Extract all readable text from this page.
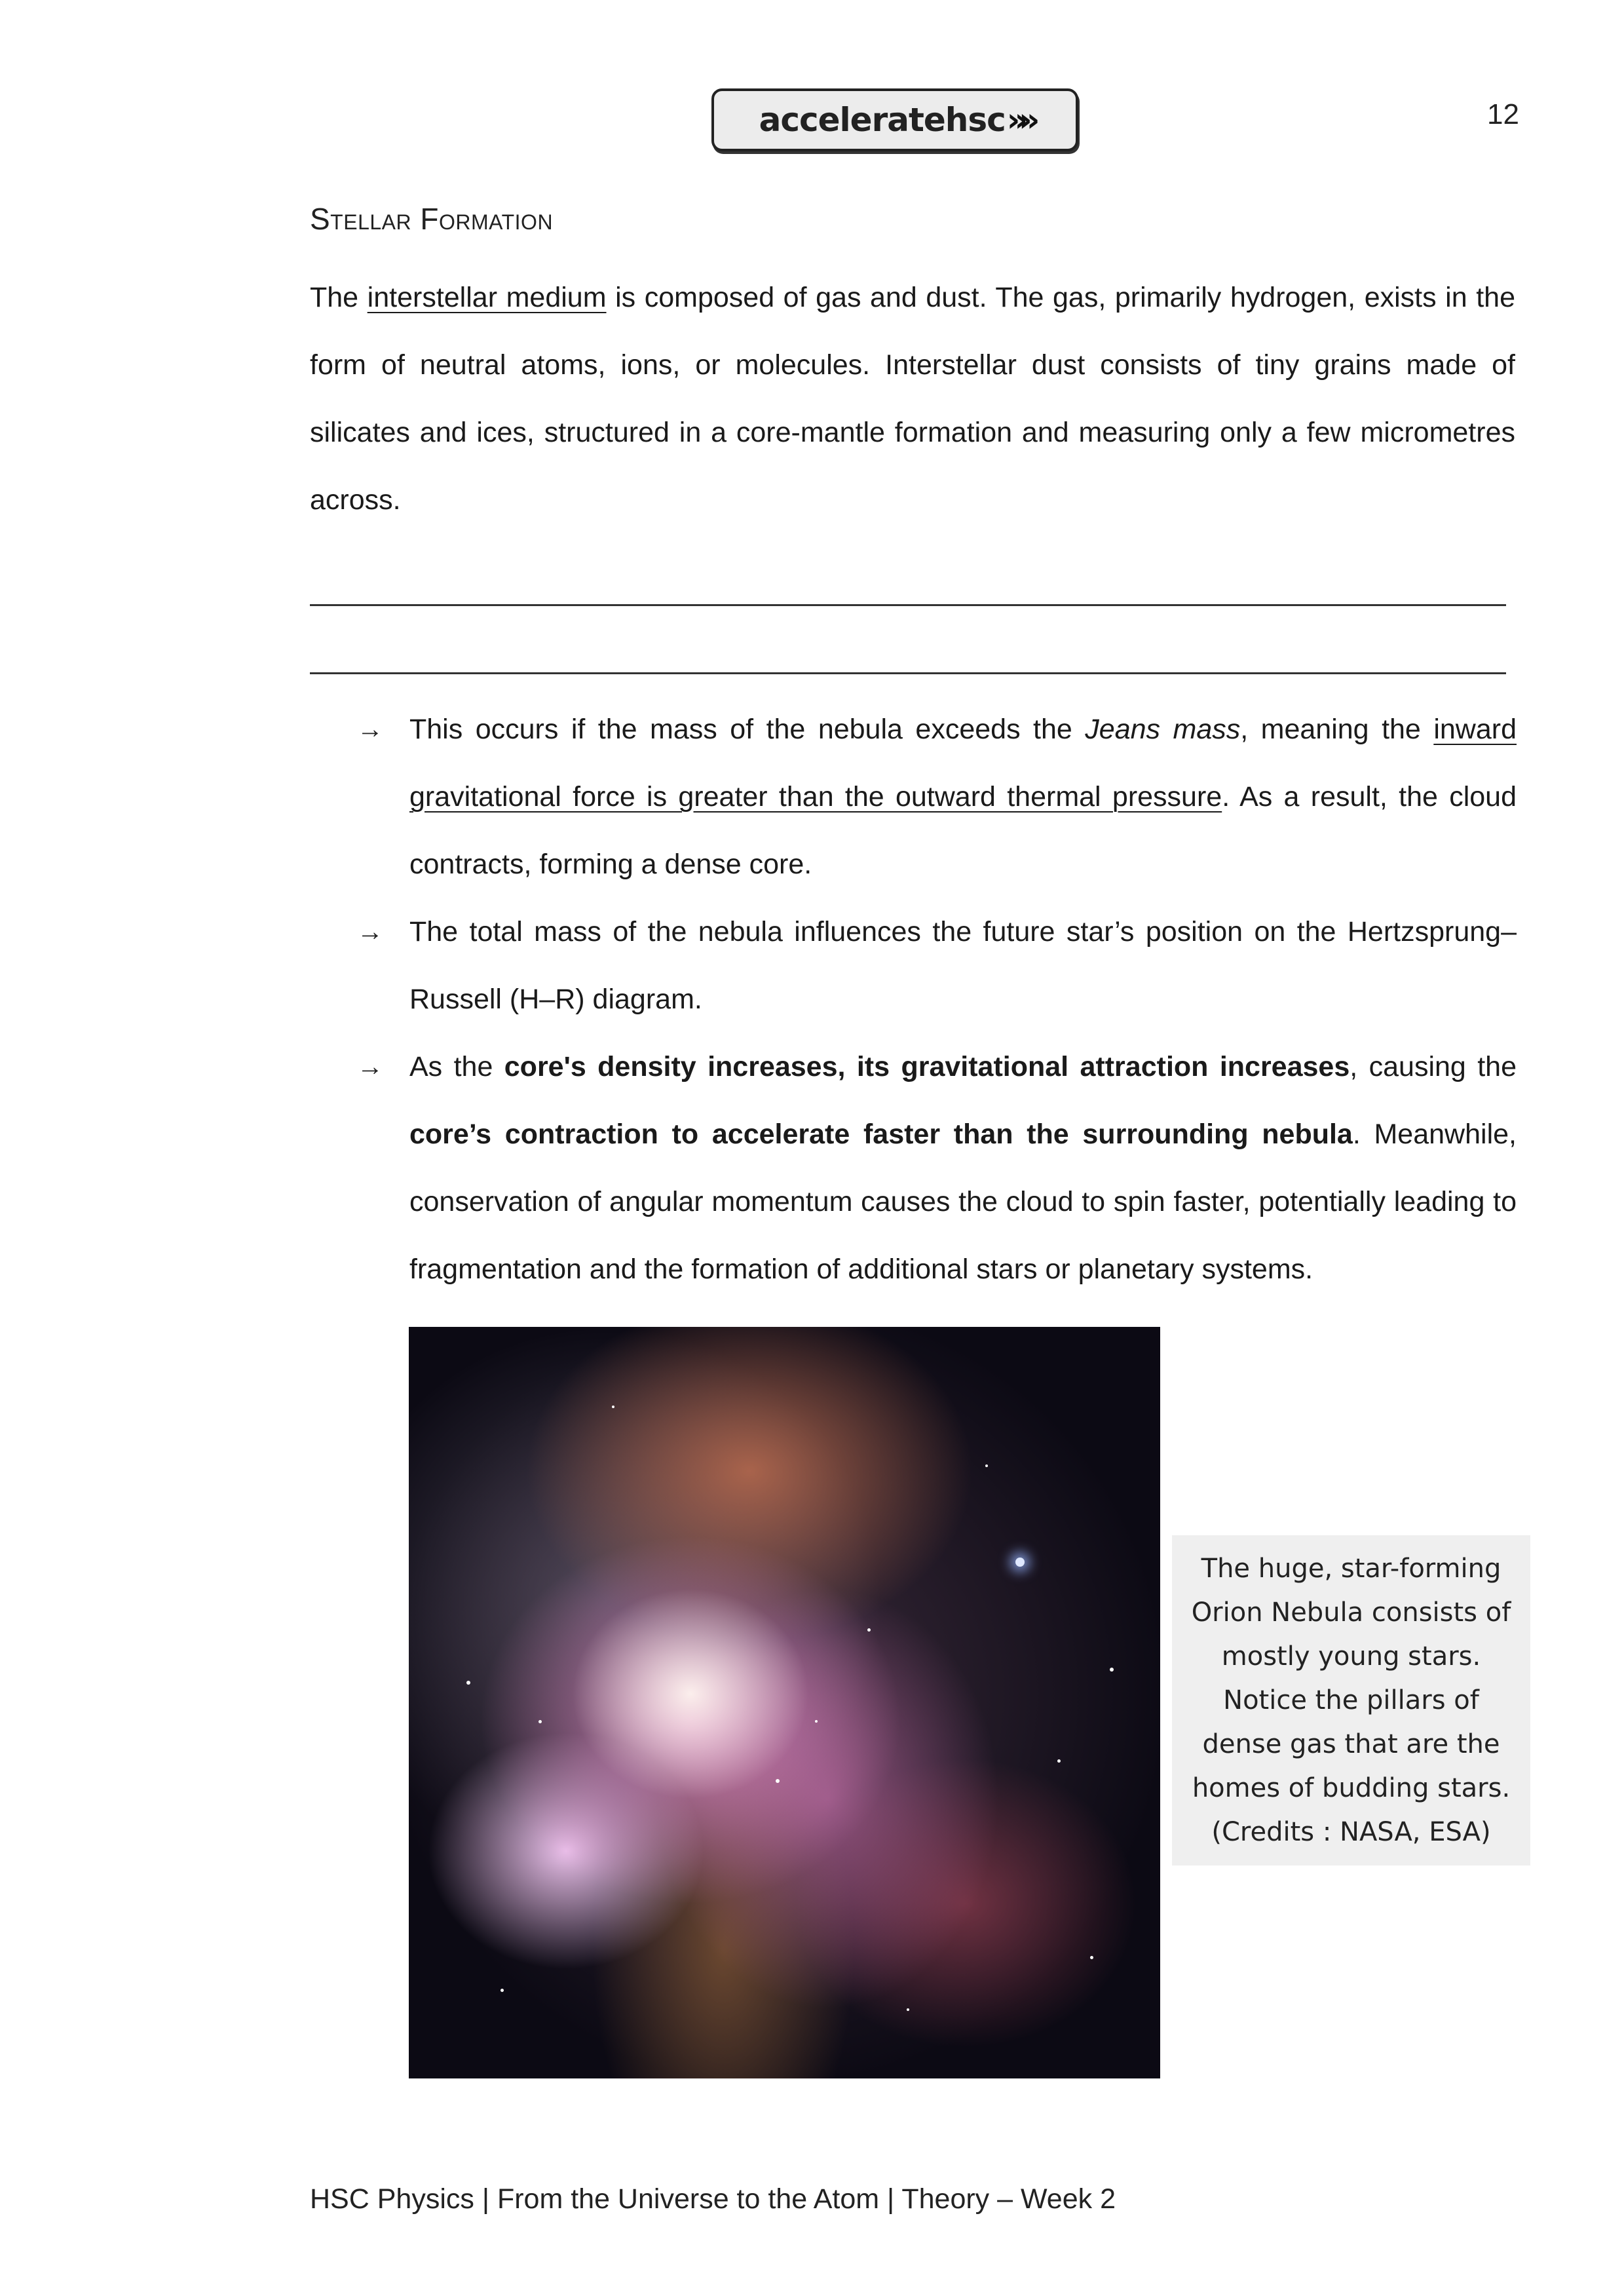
acceleratehsc »»	12
Stellar Formation
The interstellar medium is composed of gas and dust. The gas, primarily hydrogen, exists in the form of neutral atoms, ions, or molecules. Interstellar dust consists of tiny grains made of silicates and ices, structured in a core-mantle formation and measuring only a few micrometres across.
→ This occurs if the mass of the nebula exceeds the Jeans mass, meaning the inward gravitational force is greater than the outward thermal pressure. As a result, the cloud contracts, forming a dense core.
→ The total mass of the nebula influences the future star’s position on the Hertzsprung–Russell (H–R) diagram.
→ As the core's density increases, its gravitational attraction increases, causing the core’s contraction to accelerate faster than the surrounding nebula. Meanwhile, conservation of angular momentum causes the cloud to spin faster, potentially leading to fragmentation and the formation of additional stars or planetary systems.
The huge, star-forming Orion Nebula consists of mostly young stars. Notice the pillars of dense gas that are the homes of budding stars. (Credits : NASA, ESA)
HSC Physics | From the Universe to the Atom | Theory – Week 2
